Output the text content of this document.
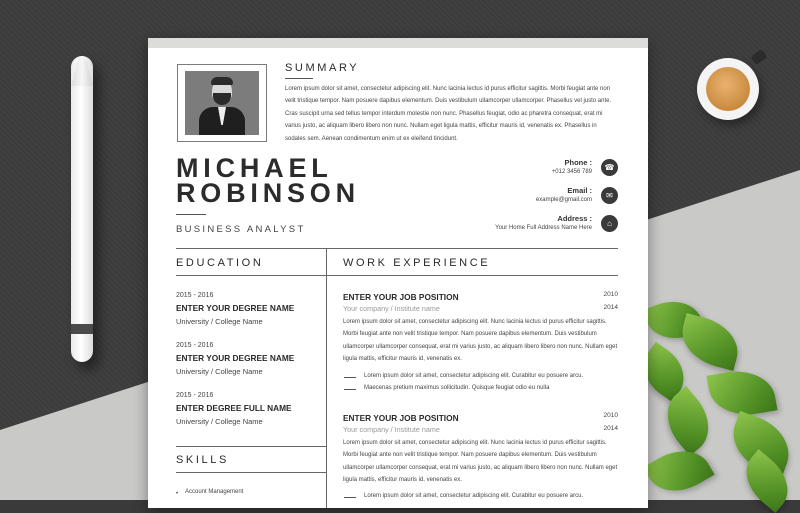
SUMMARY
Lorem ipsum dolor sit amet, consectetur adipiscing elit. Nunc lacinia lectus id purus efficitur sagittis. Morbi feugiat ante non velit tristique tempor. Nam posuere dapibus elementum. Duis vestibulum ullamcorper ullamcorper. Phasellus vel justo ante. Cras suscipit urna sed tellus tempor interdum molestie non nunc. Phasellus feugiat, odio ac pharetra consequat, erat mi varius justo, ac aliquam libero libero non nunc. Nullam eget ligula mattis, efficitur mauris id, venenatis ex. Phasellus in sodales sem. Aenean condimentum enim ut ex eleifend tincidunt.
MICHAEL
ROBINSON
BUSINESS ANALYST
Phone :
+012 3456 789	☎
Email :
example@gmail.com	✉
Address :
Your Home Full Address Name Here	⌂
EDUCATION
2015 - 2016
ENTER YOUR DEGREE NAME
University / College Name
2015 - 2016
ENTER YOUR DEGREE NAME
University / College Name
2015 - 2016
ENTER DEGREE FULL NAME
University / College Name
SKILLS
• Account Management
WORK EXPERIENCE
ENTER YOUR JOB POSITION
Your company / Institute name
2010
2014
Lorem ipsum dolor sit amet, consectetur adipiscing elit. Nunc lacinia lectus id purus efficitur sagittis. Morbi feugiat ante non velit tristique tempor. Nam posuere dapibus elementum. Duis vestibulum ullamcorper ullamcorper consequat, erat mi varius justo, ac aliquam libero libero non nunc. Nullam eget ligula mattis, efficitur mauris id, venenatis ex.
Lorem ipsum dolor sit amet, consectetur adipiscing elit. Curabitur eu posuere arcu.
Maecenas pretium maximus sollicitudin. Quisque feugiat odio eu nulla
ENTER YOUR JOB POSITION
Your company / Institute name
2010
2014
Lorem ipsum dolor sit amet, consectetur adipiscing elit. Nunc lacinia lectus id purus efficitur sagittis. Morbi feugiat ante non velit tristique tempor. Nam posuere dapibus elementum. Duis vestibulum ullamcorper ullamcorper consequat, erat mi varius justo, ac aliquam libero libero non nunc. Nullam eget ligula mattis, efficitur mauris id, venenatis ex.
Lorem ipsum dolor sit amet, consectetur adipiscing elit. Curabitur eu posuere arcu.
